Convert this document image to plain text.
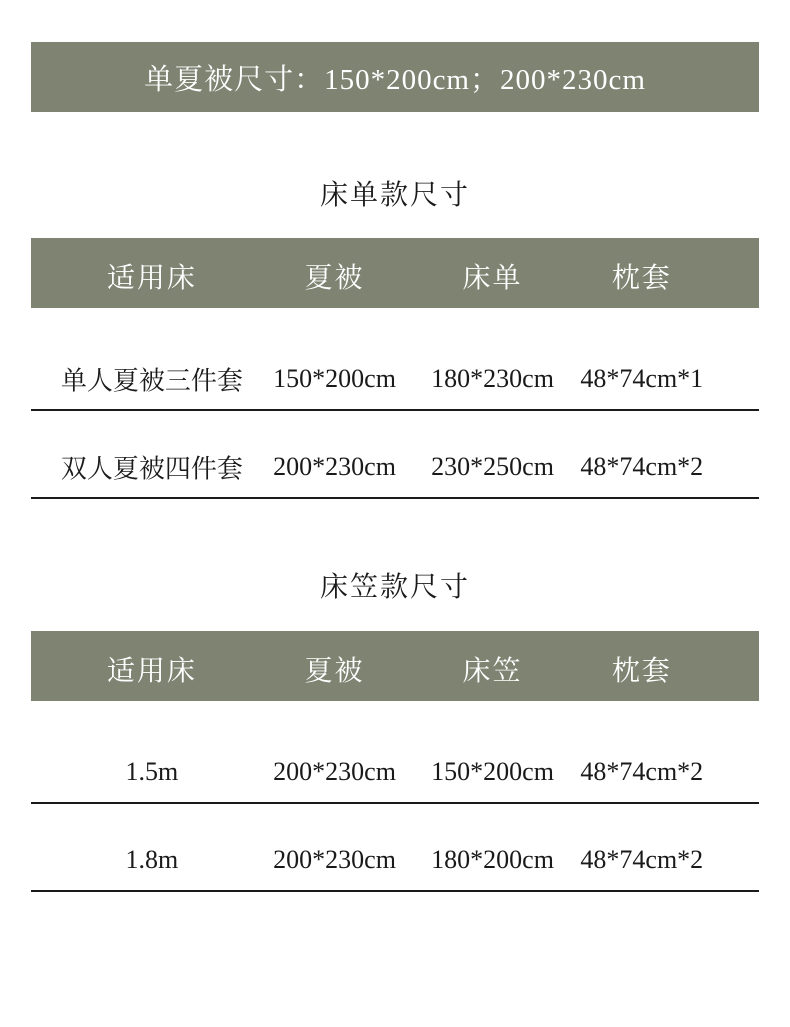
单夏被尺寸：150*200cm；200*230cm
床单款尺寸
适用床	夏被	床单	枕套
单人夏被三件套 150*200cm 180*230cm 48*74cm*1
双人夏被四件套 200*230cm 230*250cm 48*74cm*2
床笠款尺寸
适用床	夏被	床笠	枕套
1.5m	200*230cm 150*200cm 48*74cm*2
1.8m	200*230cm 180*200cm 48*74cm*2
